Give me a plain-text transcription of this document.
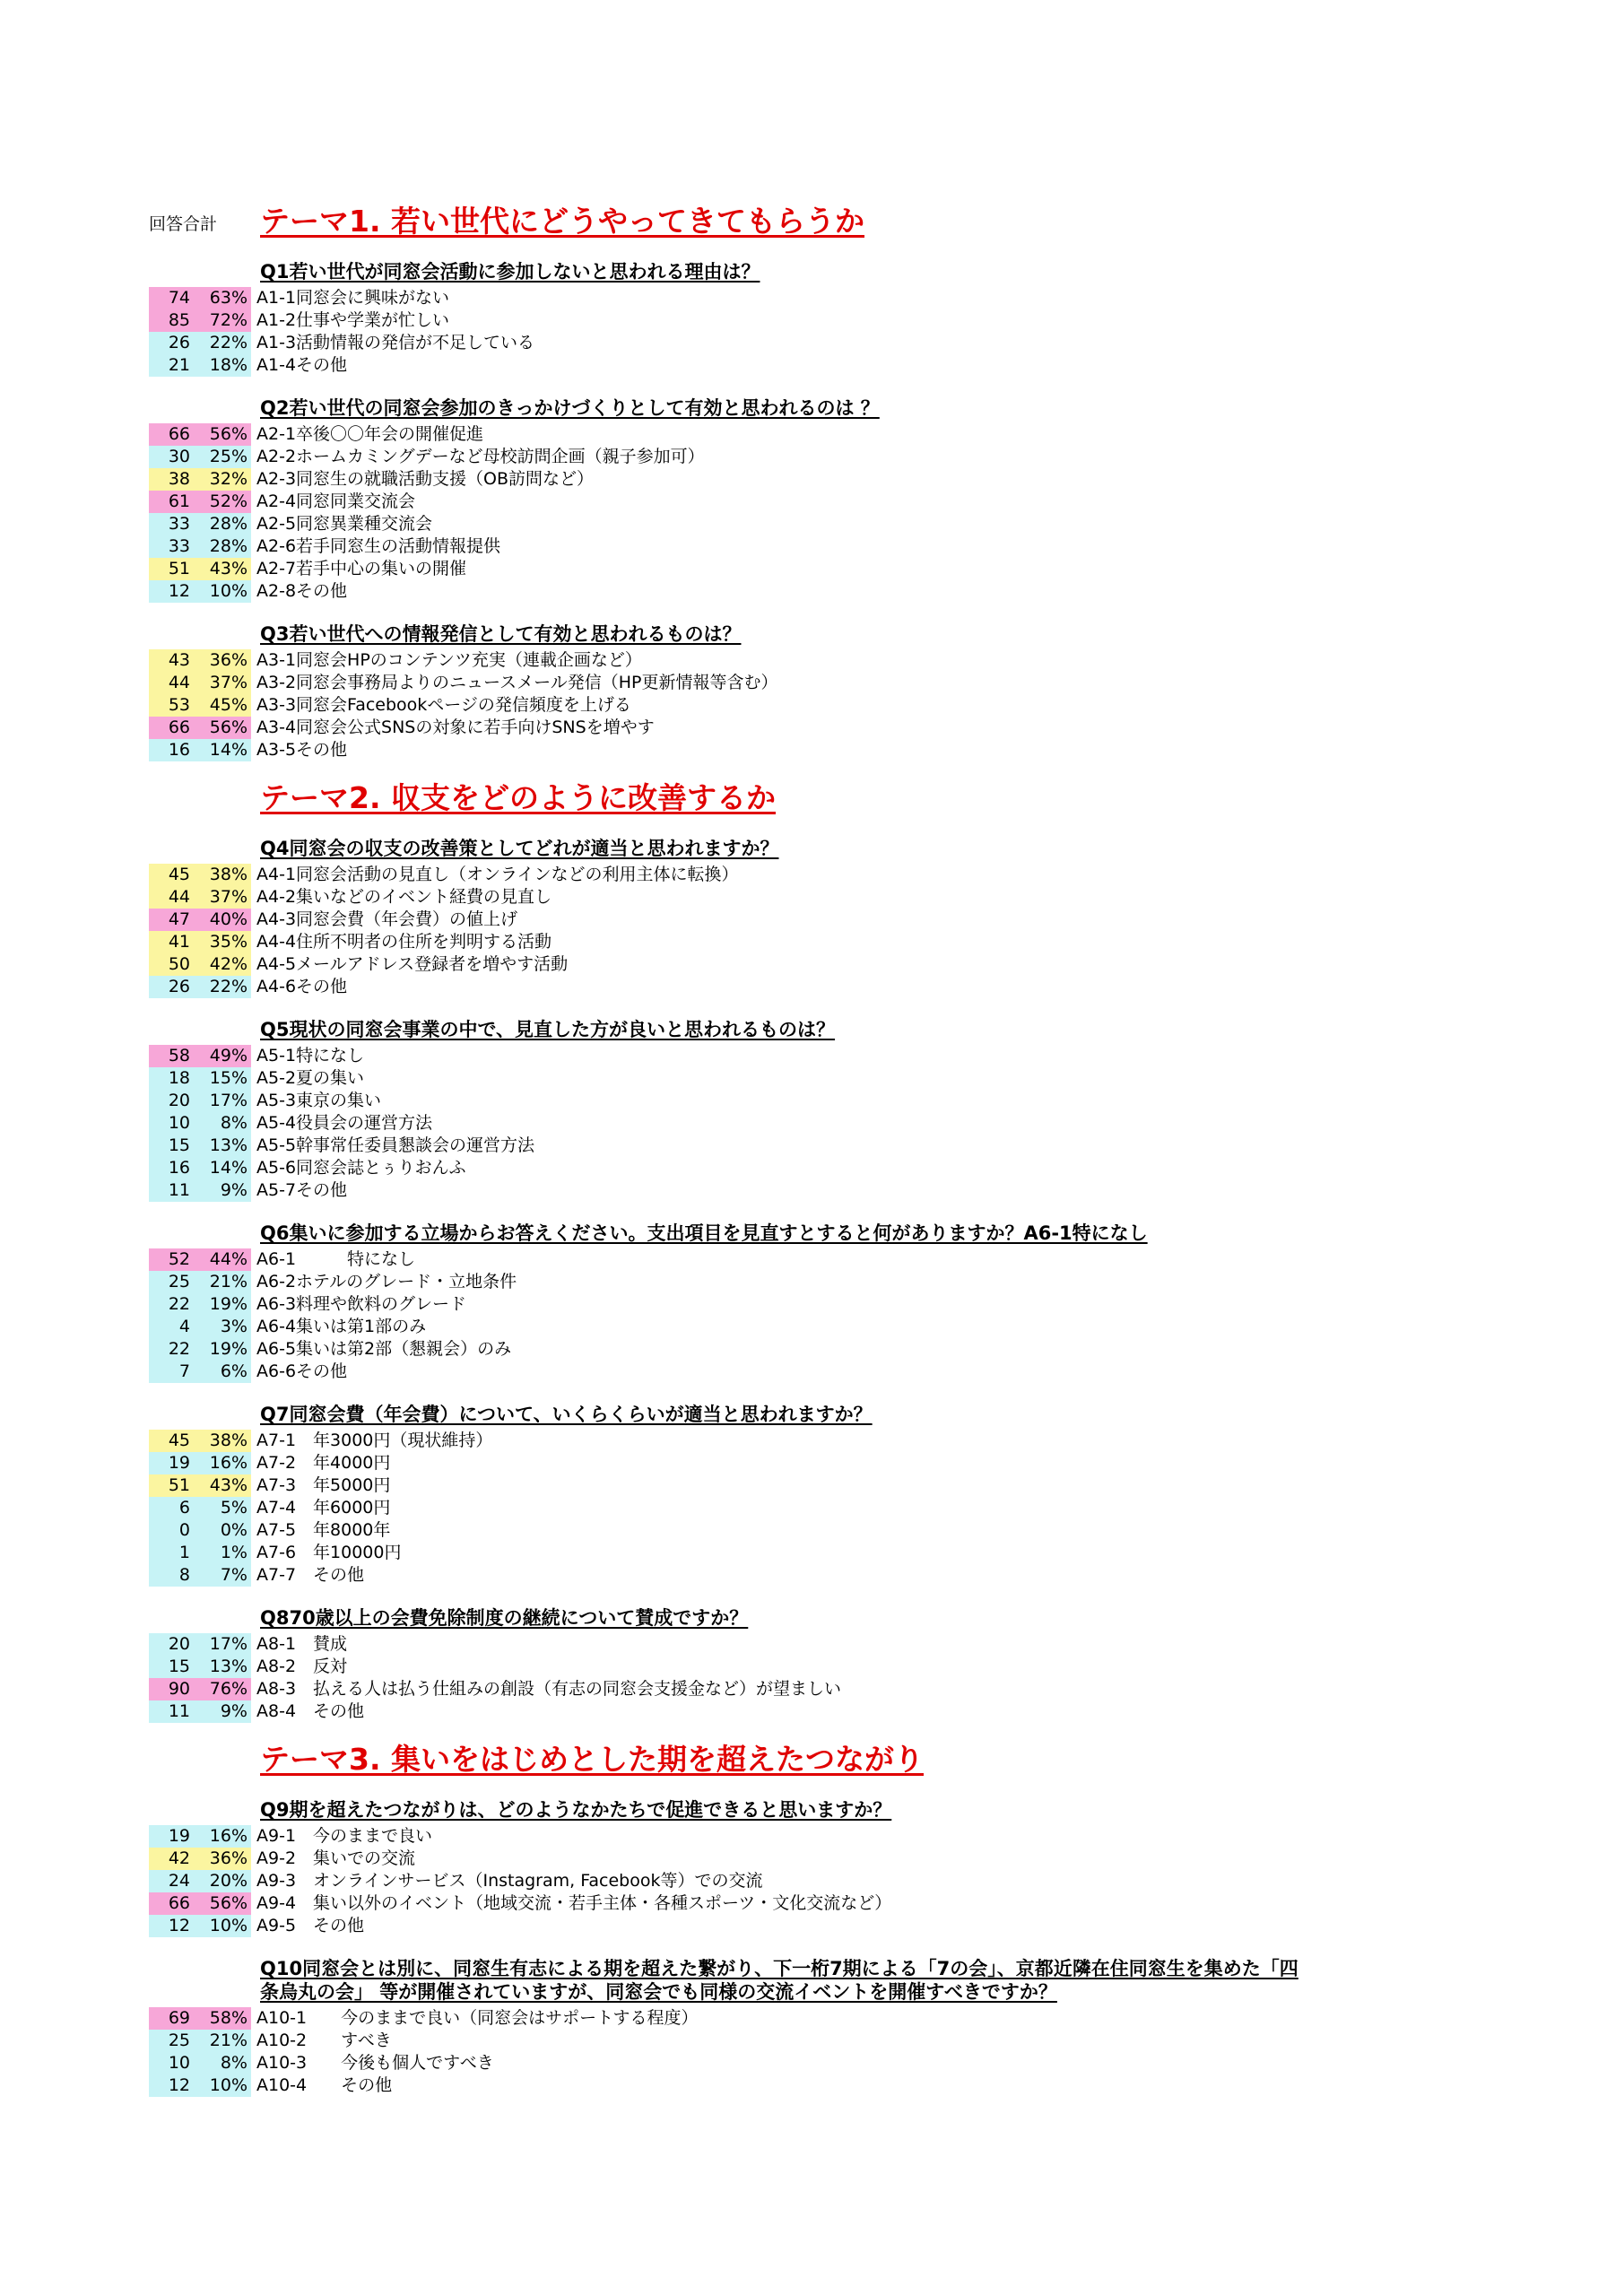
回答合計	テーマ1. 若い世代にどうやってきてもらうか
Q1若い世代が同窓会活動に参加しないと思われる理由は？
74	63% A1-1同窓会に興味がない
85	72% A1-2仕事や学業が忙しい
26	22% A1-3活動情報の発信が不足している
21	18% A1-4その他
Q2若い世代の同窓会参加のきっかけづくりとして有効と思われるのは ？
66	56% A2-1卒後〇〇年会の開催促進
30	25% A2-2ホームカミングデーなど母校訪問企画（親子参加可）
38	32% A2-3同窓生の就職活動支援（OB訪問など）
61	52% A2-4同窓同業交流会
33	28% A2-5同窓異業種交流会
33	28% A2-6若手同窓生の活動情報提供
51	43% A2-7若手中心の集いの開催
12	10% A2-8その他
Q3若い世代への情報発信として有効と思われるものは？
43	36% A3-1同窓会HPのコンテンツ充実（連載企画など）
44	37% A3-2同窓会事務局よりのニュースメール発信（HP更新情報等含む）
53	45% A3-3同窓会Facebookページの発信頻度を上げる
66	56% A3-4同窓会公式SNSの対象に若手向けSNSを増やす
16	14% A3-5その他
テーマ2. 収支をどのように改善するか
Q4同窓会の収支の改善策としてどれが適当と思われますか？
45	38% A4-1同窓会活動の見直し（オンラインなどの利用主体に転換）
44	37% A4-2集いなどのイベント経費の見直し
47	40% A4-3同窓会費（年会費）の値上げ
41	35% A4-4住所不明者の住所を判明する活動
50	42% A4-5メールアドレス登録者を増やす活動
26	22% A4-6その他
Q5現状の同窓会事業の中で、見直した方が良いと思われるものは？
58	49% A5-1特になし
18	15% A5-2夏の集い
20	17% A5-3東京の集い
10	8% A5-4役員会の運営方法
15	13% A5-5幹事常任委員懇談会の運営方法
16	14% A5-6同窓会誌とぅりおんふ
11	9% A5-7その他
Q6集いに参加する立場からお答えください。支出項目を見直すとすると何がありますか？A6-1特になし
52	44% A6-1　　　特になし
25	21% A6-2ホテルのグレード・立地条件
22	19% A6-3料理や飲料のグレード
4	3% A6-4集いは第1部のみ
22	19% A6-5集いは第2部（懇親会）のみ
7	6% A6-6その他
Q7同窓会費（年会費）について、いくらくらいが適当と思われますか？
45	38% A7-1　年3000円（現状維持）
19	16% A7-2　年4000円
51	43% A7-3　年5000円
6	5% A7-4　年6000円
0	0% A7-5　年8000年
1	1% A7-6　年10000円
8	7% A7-7　その他
Q870歳以上の会費免除制度の継続について賛成ですか？
20	17% A8-1　賛成
15	13% A8-2　反対
90	76% A8-3　払える人は払う仕組みの創設（有志の同窓会支援金など）が望ましい
11	9% A8-4　その他
テーマ3. 集いをはじめとした期を超えたつながり
Q9期を超えたつながりは、どのようなかたちで促進できると思いますか？
19	16% A9-1　今のままで良い
42	36% A9-2　集いでの交流
24	20% A9-3　オンラインサービス（Instagram, Facebook等）での交流
66	56% A9-4　集い以外のイベント（地域交流・若手主体・各種スポーツ・文化交流など）
12	10% A9-5　その他
Q10同窓会とは別に、同窓生有志による期を超えた繋がり、下一桁7期による「7の会」、京都近隣在住同窓生を集めた「四条烏丸の会」 等が開催されていますが、同窓会でも同様の交流イベントを開催すべきですか？
69	58% A10-1　　今のままで良い（同窓会はサポートする程度）
25	21% A10-2　　すべき
10	8% A10-3　　今後も個人ですべき
12	10% A10-4　　その他
